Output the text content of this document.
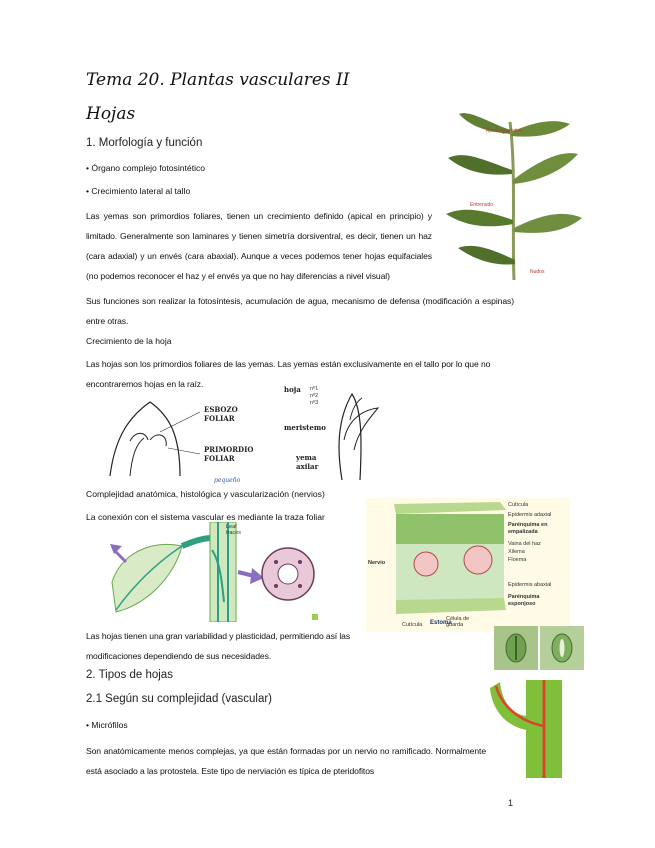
Tema 20. Plantas vasculares II
Hojas
1. Morfología y función
• Órgano complejo fotosintético
• Crecimiento lateral al tallo
Las yemas son primordios foliares, tienen un crecimiento definido (apical en principio) y limitado. Generalmente son laminares y tienen simetría dorsiventral, es decir, tienen un haz (cara adaxial) y un envés (cara abaxial). Aunque a veces podemos tener hojas equifaciales (no podemos reconocer el haz y el envés ya que no hay diferencias a nivel visual)
Sus funciones son realizar la fotosíntesis, acumulación de agua, mecanismo de defensa (modificación a espinas) entre otras.
Crecimiento de la hoja
Las hojas son los primordios foliares de las yemas. Las yemas están exclusivamente en el tallo por lo que no encontraremos hojas en la raíz.
Complejidad anatómica, histológica y vascularización (nervios)
La conexión con el sistema vascular es mediante la traza foliar
Las hojas tienen una gran variabilidad y plasticidad, permitiendo así las modificaciones dependiendo de sus necesidades.
2. Tipos de hojas
2.1 Según su complejidad (vascular)
• Micrófilos
Son anatómicamente menos complejas, ya que están formadas por un nervio no ramificado. Normalmente está asociado a las protostela. Este tipo de nerviación es típica de pteridofitos
1
Ápice vegetativo
Entrenudo
Nudos
ESBOZO
FOLIAR
PRIMORDIO
FOLIAR
pequeño
hoja nº1
nº2
nº3
meristemo
yema
axilar
Leaf
traces
Cutícula
Epidermis adaxial
Parénquima en
empalizada
Vaina del haz
Xilema
Floema
Nervio
Epidermis abaxial
Parénquima
esponjoso
Célula de
guarda
Cutícula Estoma
